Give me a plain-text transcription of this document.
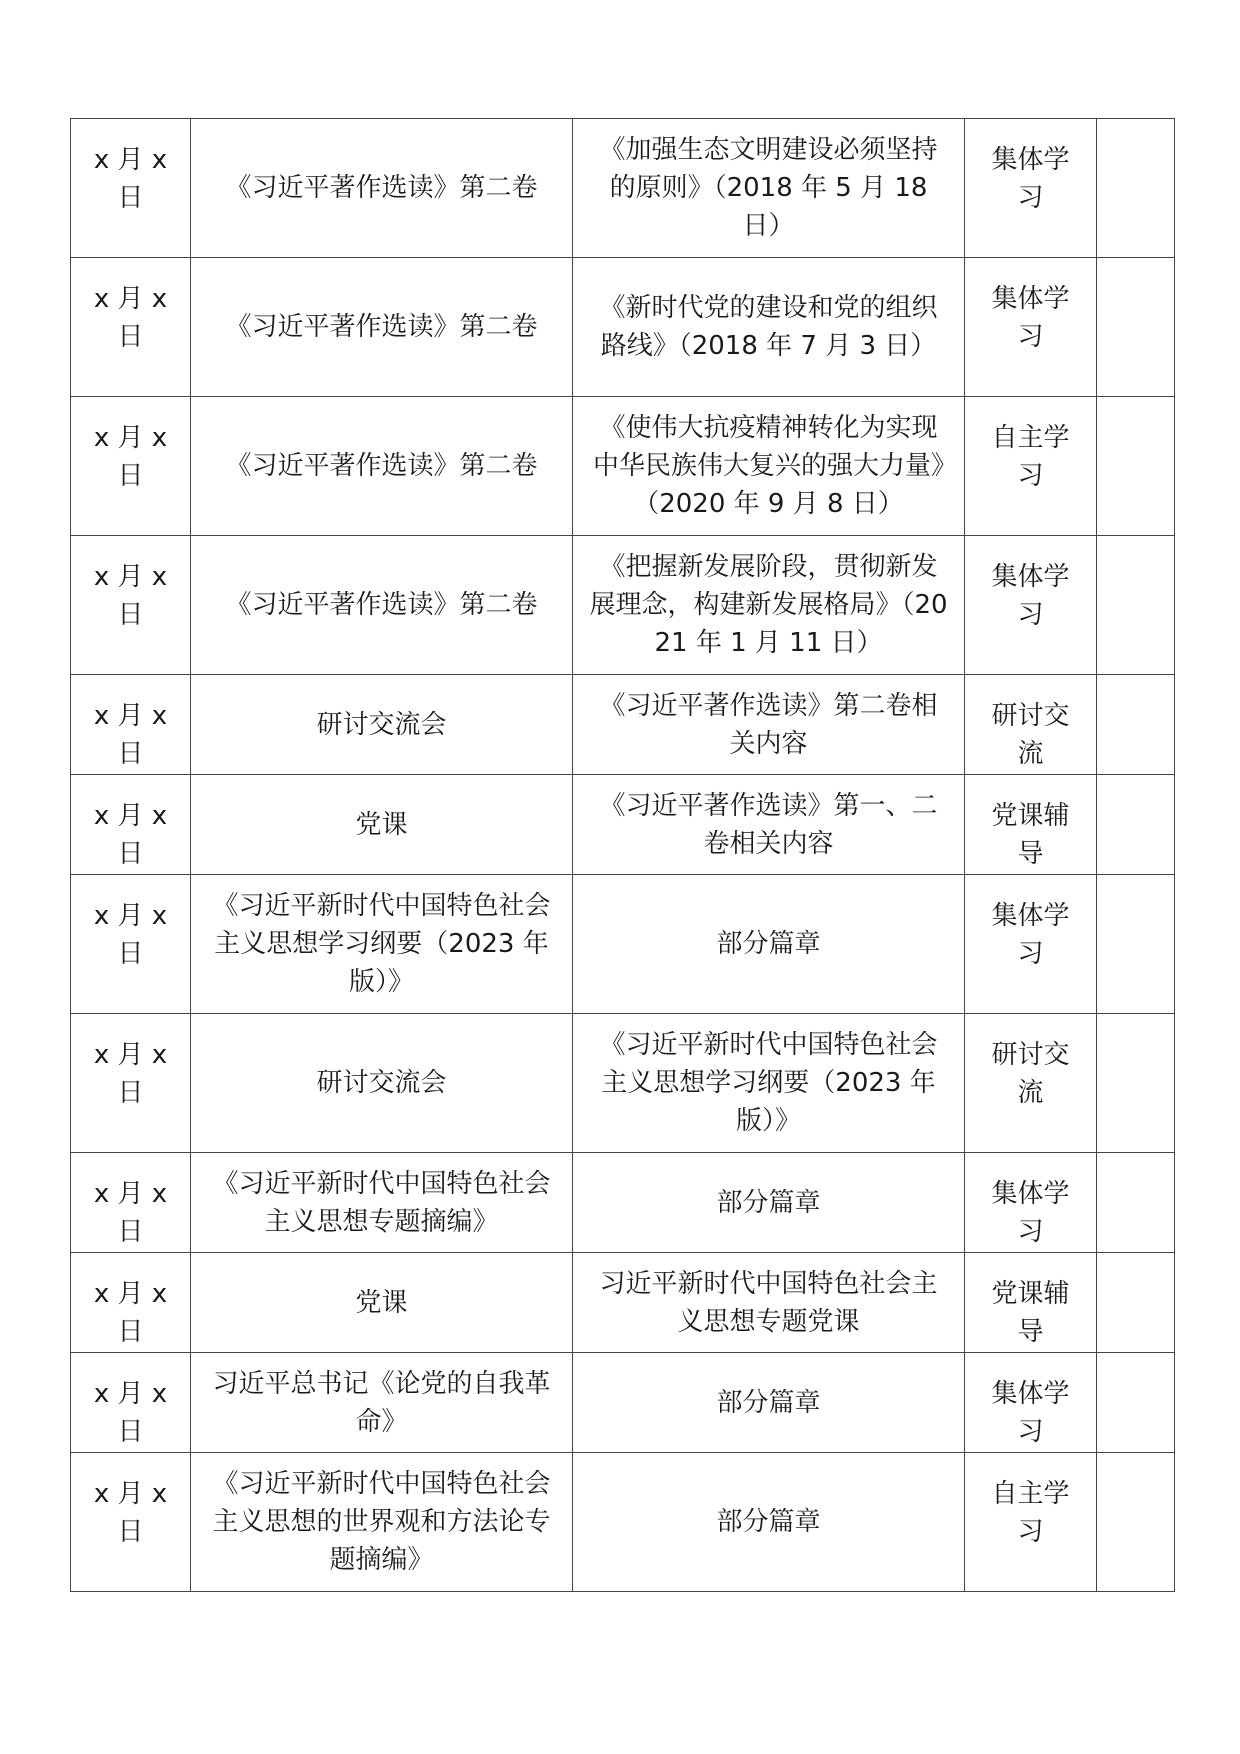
x 月 x 日	《习近平著作选读》第二卷	《加强生态文明建设必须坚持的原则》（2018 年 5 月 18 日）	集体学习	
x 月 x 日	《习近平著作选读》第二卷	《新时代党的建设和党的组织路线》（2018 年 7 月 3 日）	集体学习	
x 月 x 日	《习近平著作选读》第二卷	《使伟大抗疫精神转化为实现中华民族伟大复兴的强大力量》（2020 年 9 月 8 日）	自主学习	
x 月 x 日	《习近平著作选读》第二卷	《把握新发展阶段，贯彻新发展理念，构建新发展格局》（2021 年 1 月 11 日）	集体学习	
x 月 x 日	研讨交流会	《习近平著作选读》第二卷相关内容	研讨交流	
x 月 x 日	党课	《习近平著作选读》第一、二卷相关内容	党课辅导	
x 月 x 日	《习近平新时代中国特色社会主义思想学习纲要（2023 年版）》	部分篇章	集体学习	
x 月 x 日	研讨交流会	《习近平新时代中国特色社会主义思想学习纲要（2023 年版）》	研讨交流	
x 月 x 日	《习近平新时代中国特色社会主义思想专题摘编》	部分篇章	集体学习	
x 月 x 日	党课	习近平新时代中国特色社会主义思想专题党课	党课辅导	
x 月 x 日	习近平总书记《论党的自我革命》	部分篇章	集体学习	
x 月 x 日	《习近平新时代中国特色社会主义思想的世界观和方法论专题摘编》	部分篇章	自主学习	
